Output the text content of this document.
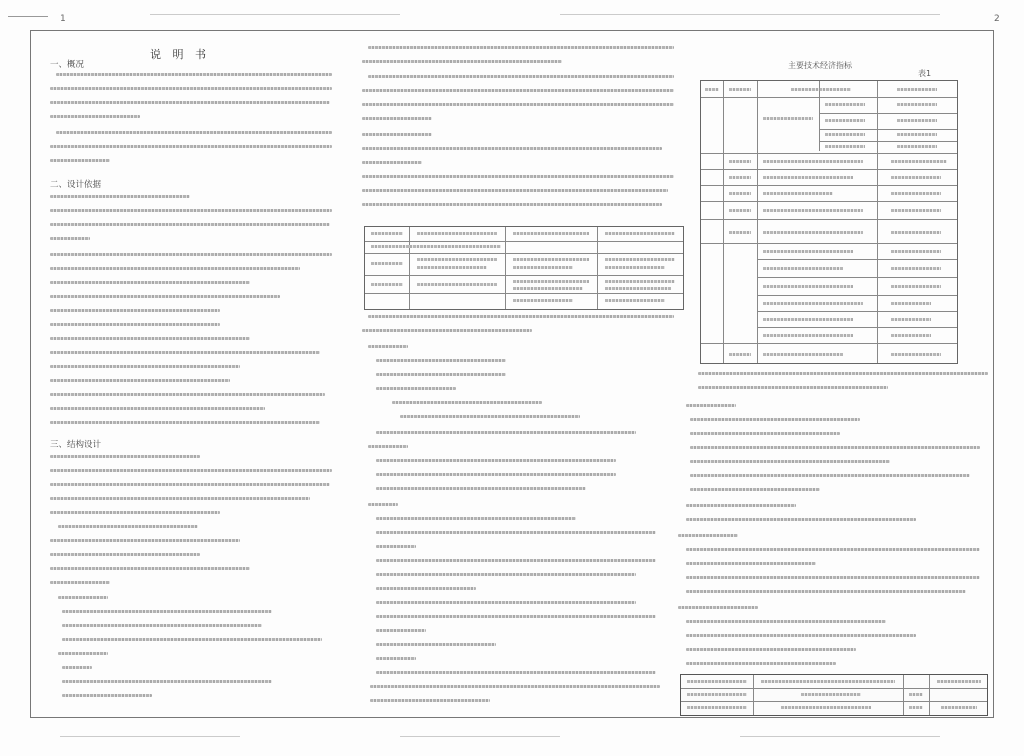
1	2
说 明 书
一、概况
二、设计依据
三、结构设计
主要技术经济指标
表1
